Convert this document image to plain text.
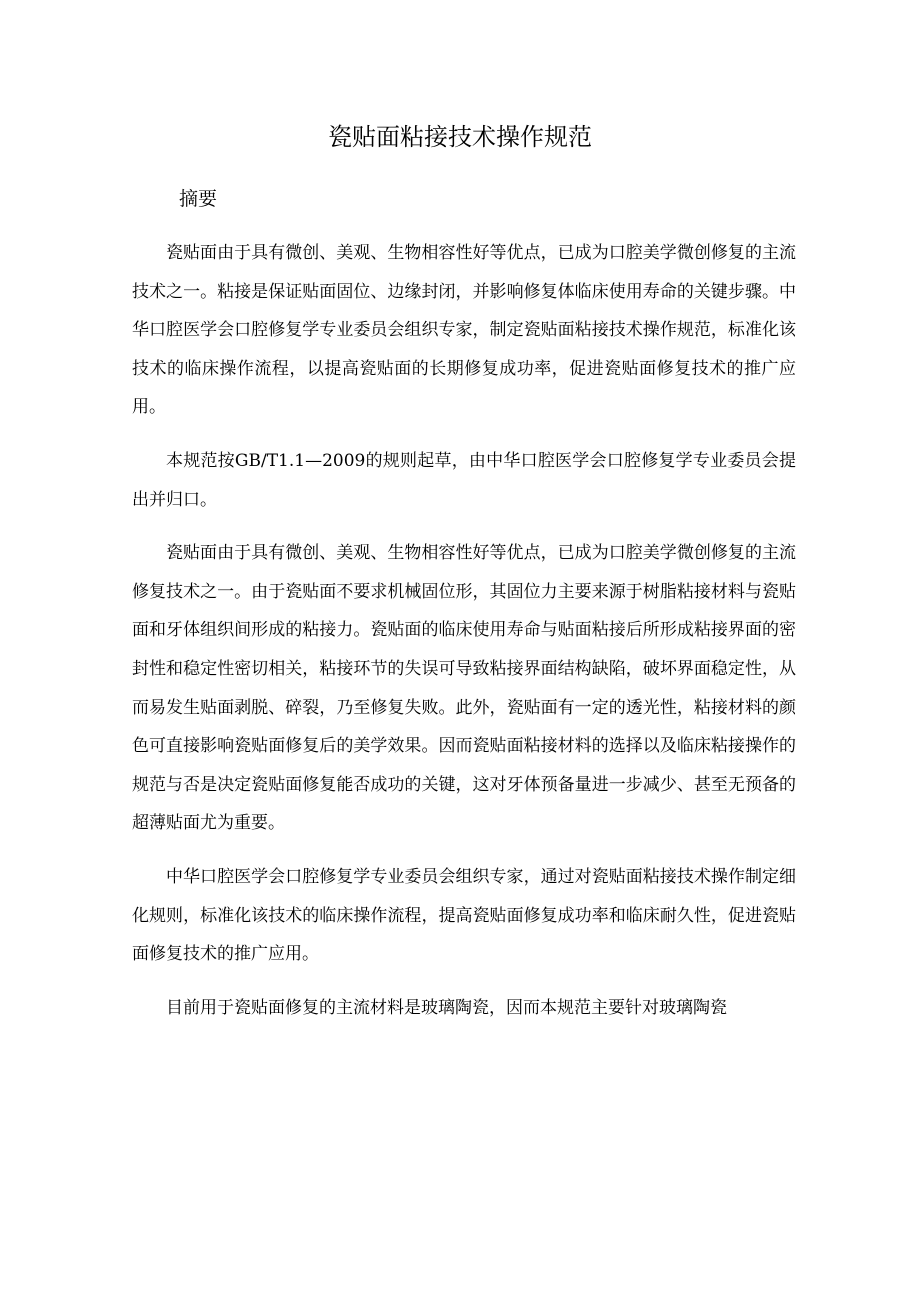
瓷贴面粘接技术操作规范
摘要

瓷贴面由于具有微创、美观、生物相容性好等优点，已成为口腔美学微创修复的主流技术之一。粘接是保证贴面固位、边缘封闭，并影响修复体临床使用寿命的关键步骤。中华口腔医学会口腔修复学专业委员会组织专家，制定瓷贴面粘接技术操作规范，标准化该技术的临床操作流程，以提高瓷贴面的长期修复成功率，促进瓷贴面修复技术的推广应用。

本规范按GB/T1.1—2009的规则起草，由中华口腔医学会口腔修复学专业委员会提出并归口。

瓷贴面由于具有微创、美观、生物相容性好等优点，已成为口腔美学微创修复的主流修复技术之一。由于瓷贴面不要求机械固位形，其固位力主要来源于树脂粘接材料与瓷贴面和牙体组织间形成的粘接力。瓷贴面的临床使用寿命与贴面粘接后所形成粘接界面的密封性和稳定性密切相关，粘接环节的失误可导致粘接界面结构缺陷，破坏界面稳定性，从而易发生贴面剥脱、碎裂，乃至修复失败。此外，瓷贴面有一定的透光性，粘接材料的颜色可直接影响瓷贴面修复后的美学效果。因而瓷贴面粘接材料的选择以及临床粘接操作的规范与否是决定瓷贴面修复能否成功的关键，这对牙体预备量进一步减少、甚至无预备的超薄贴面尤为重要。

中华口腔医学会口腔修复学专业委员会组织专家，通过对瓷贴面粘接技术操作制定细化规则，标准化该技术的临床操作流程，提高瓷贴面修复成功率和临床耐久性，促进瓷贴面修复技术的推广应用。

目前用于瓷贴面修复的主流材料是玻璃陶瓷，因而本规范主要针对玻璃陶瓷
